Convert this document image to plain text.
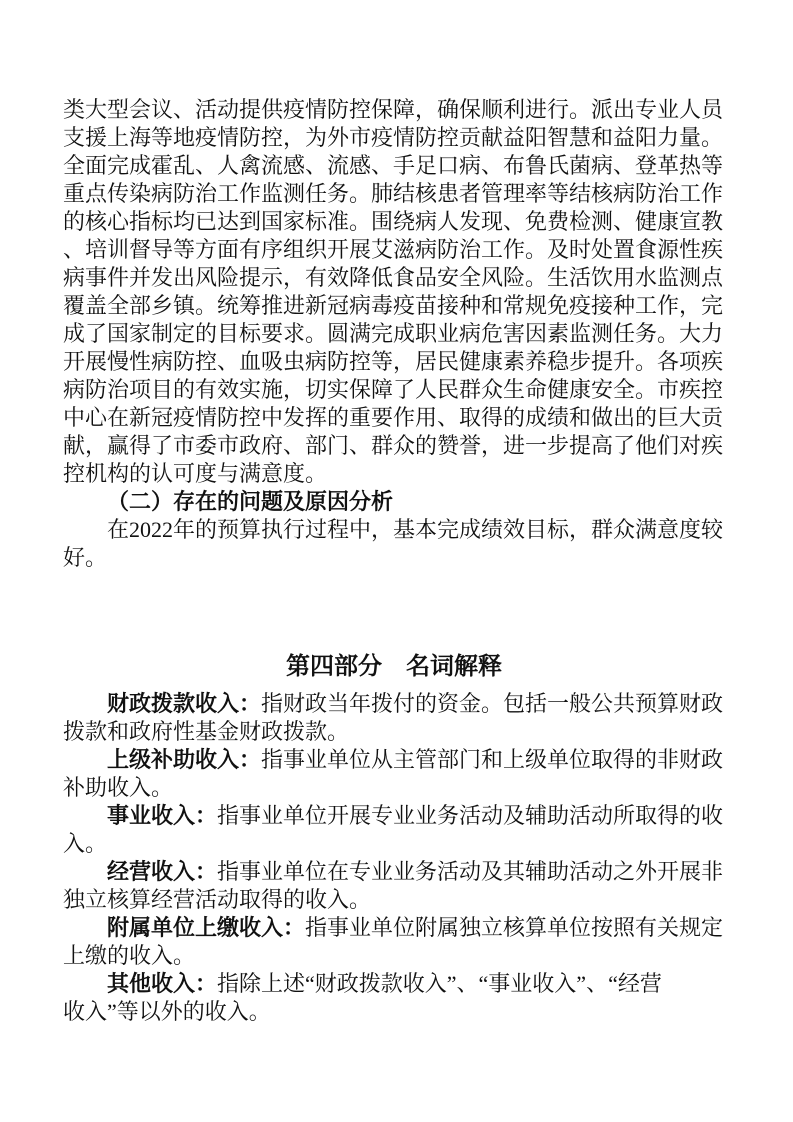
类大型会议、活动提供疫情防控保障，确保顺利进行。派出专业人员
支援上海等地疫情防控，为外市疫情防控贡献益阳智慧和益阳力量。
全面完成霍乱、人禽流感、流感、手足口病、布鲁氏菌病、登革热等
重点传染病防治工作监测任务。肺结核患者管理率等结核病防治工作
的核心指标均已达到国家标准。围绕病人发现、免费检测、健康宣教
、培训督导等方面有序组织开展艾滋病防治工作。及时处置食源性疾
病事件并发出风险提示，有效降低食品安全风险。生活饮用水监测点
覆盖全部乡镇。统筹推进新冠病毒疫苗接种和常规免疫接种工作，完
成了国家制定的目标要求。圆满完成职业病危害因素监测任务。大力
开展慢性病防控、血吸虫病防控等，居民健康素养稳步提升。各项疾
病防治项目的有效实施，切实保障了人民群众生命健康安全。市疾控
中心在新冠疫情防控中发挥的重要作用、取得的成绩和做出的巨大贡
献，赢得了市委市政府、部门、群众的赞誉，进一步提高了他们对疾
控机构的认可度与满意度。
（二）存在的问题及原因分析
在2022年的预算执行过程中，基本完成绩效目标，群众满意度较
好。
第四部分　名词解释
财政拨款收入：指财政当年拨付的资金。包括一般公共预算财政
拨款和政府性基金财政拨款。
上级补助收入：指事业单位从主管部门和上级单位取得的非财政
补助收入。
事业收入：指事业单位开展专业业务活动及辅助活动所取得的收
入。
经营收入：指事业单位在专业业务活动及其辅助活动之外开展非
独立核算经营活动取得的收入。
附属单位上缴收入：指事业单位附属独立核算单位按照有关规定
上缴的收入。
其他收入：指除上述“财政拨款收入”、“事业收入”、“经营
收入”等以外的收入。
